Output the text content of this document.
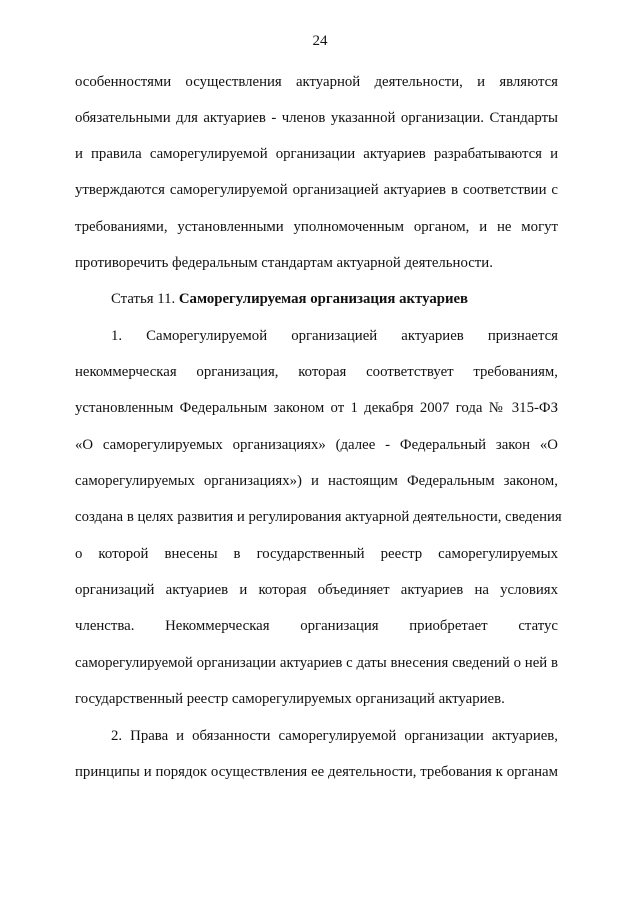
24
особенностями осуществления актуарной деятельности, и являются
обязательными для актуариев - членов указанной организации. Стандарты
и правила саморегулируемой организации актуариев разрабатываются и
утверждаются саморегулируемой организацией актуариев в соответствии с
требованиями, установленными уполномоченным органом, и не могут
противоречить федеральным стандартам актуарной деятельности.
Статья 11. Саморегулируемая организация актуариев
1. Саморегулируемой организацией актуариев признается
некоммерческая организация, которая соответствует требованиям,
установленным Федеральным законом от 1 декабря 2007 года № 315-ФЗ
«О саморегулируемых организациях» (далее - Федеральный закон «О
саморегулируемых организациях») и настоящим Федеральным законом,
создана в целях развития и регулирования актуарной деятельности, сведения
о которой внесены в государственный реестр саморегулируемых
организаций актуариев и которая объединяет актуариев на условиях
членства. Некоммерческая организация приобретает статус
саморегулируемой организации актуариев с даты внесения сведений о ней в
государственный реестр саморегулируемых организаций актуариев.
2. Права и обязанности саморегулируемой организации актуариев,
принципы и порядок осуществления ее деятельности, требования к органам
